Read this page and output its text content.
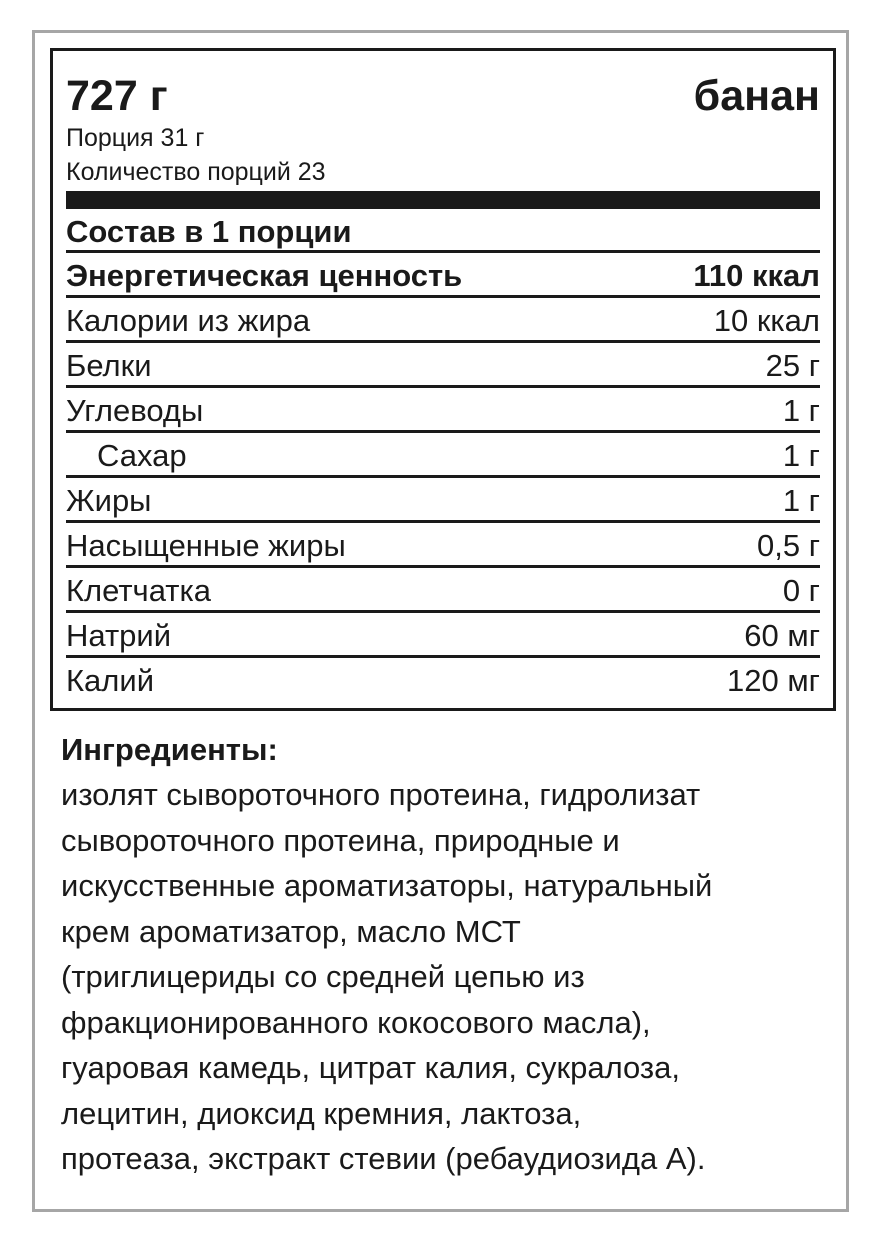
727 г	банан
Порция 31 г
Количество порций 23
Состав в 1 порции
Энергетическая ценность	110 ккал
Калории из жира	10 ккал
Белки	25 г
Углеводы	1 г
Сахар	1 г
Жиры	1 г
Насыщенные жиры	0,5 г
Клетчатка	0 г
Натрий	60 мг
Калий	120 мг
Ингредиенты:
изолят сывороточного протеина, гидролизат
сывороточного протеина, природные и
искусственные ароматизаторы, натуральный
крем ароматизатор, масло МСТ
(триглицериды со средней цепью из
фракционированного кокосового масла),
гуаровая камедь, цитрат калия, сукралоза,
лецитин, диоксид кремния, лактоза,
протеаза, экстракт стевии (ребаудиозида А).
